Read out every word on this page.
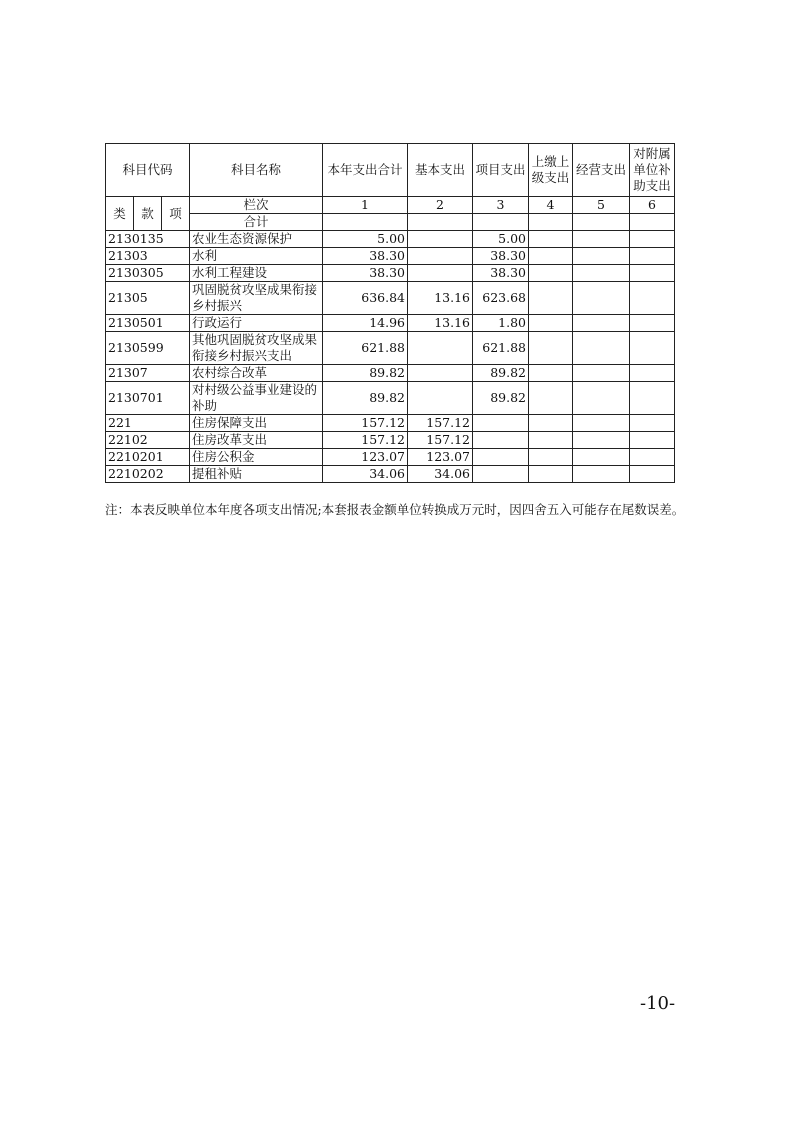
科目代码			科目名称	本年支出合计	基本支出	项目支出	上缴上级支出	经营支出	对附属单位补助支出
类	款	项	栏次	1	2	3	4	5	6
			合计						
2130135			农业生态资源保护	5.00		5.00			
21303			水利	38.30		38.30			
2130305			水利工程建设	38.30		38.30			
21305			巩固脱贫攻坚成果衔接乡村振兴	636.84	13.16	623.68			
2130501			行政运行	14.96	13.16	1.80			
2130599			其他巩固脱贫攻坚成果衔接乡村振兴支出	621.88		621.88			
21307			农村综合改革	89.82		89.82			
2130701			对村级公益事业建设的补助	89.82		89.82			
221			住房保障支出	157.12	157.12				
22102			住房改革支出	157.12	157.12				
2210201			住房公积金	123.07	123.07				
2210202			提租补贴	34.06	34.06				
注：本表反映单位本年度各项支出情况;本套报表金额单位转换成万元时，因四舍五入可能存在尾数误差。
-10-
